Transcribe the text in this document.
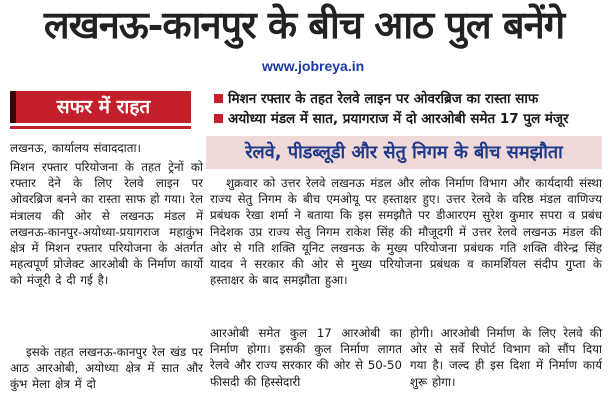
लखनऊ-कानपुर के बीच आठ पुल बनेंगे
www.jobreya.in
सफर में राहत	मिशन रफ्तार के तहत रेलवे लाइन पर ओवरब्रिज का रास्ता साफ
अयोध्या मंडल में सात, प्रयागराज में दो आरओबी समेत 17 पुल मंजूर
रेलवे, पीडब्लूडी और सेतु निगम के बीच समझौता
लखनऊ, कार्यालय संवाददाता।
मिशन रफ्तार परियोजना के तहत ट्रेनों को रफ्तार देने के लिए रेलवे लाइन पर ओवरब्रिज बनने का रास्ता साफ हो गया। रेल मंत्रालय की ओर से लखनऊ मंडल में लखनऊ-कानपुर-अयोध्या-प्रयागराज महाकुंभ क्षेत्र में मिशन रफ्तार परियोजना के अंतर्गत महत्वपूर्ण प्रोजेक्ट आरओबी के निर्माण कार्यो को मंजूरी दे दी गई है।
इसके तहत लखनऊ-कानपुर रेल खंड पर आठ आरओबी, अयोध्या क्षेत्र में सात और कुंभ मेला क्षेत्र में दो
शुक्रवार को उत्तर रेलवे लखनऊ मंडल और लोक निर्माण विभाग और कार्यदायी संस्था राज्य सेतु निगम के बीच एमओयू पर हस्ताक्षर हुए। उत्तर रेलवे के वरिष्ठ मंडल वाणिज्य प्रबंधक रेखा शर्मा ने बताया कि इस समझौते पर डीआरएम सुरेश कुमार सपरा व प्रबंध निदेशक उप्र राज्य सेतु निगम राकेश सिंह की मौजूदगी में उत्तर रेलवे लखनऊ मंडल की ओर से गति शक्ति यूनिट लखनऊ के मुख्य परियोजना प्रबंधक गति शक्ति वीरेन्द्र सिंह यादव ने सरकार की ओर से मुख्य परियोजना प्रबंधक व कामर्शियल संदीप गुप्ता के हस्ताक्षर के बाद समझौता हुआ।
आरओबी समेत कुल 17 आरओबी का निर्माण होगा। इसकी कुल निर्माण लागत रेलवे और राज्य सरकार की ओर से 50-50 फीसदी की हिस्सेदारी
होगी। आरओबी निर्माण के लिए रेलवे की ओर से सर्वे रिपोर्ट विभाग को सौंप दिया गया है। जल्द ही इस दिशा में निर्माण कार्य शुरू होगा।
